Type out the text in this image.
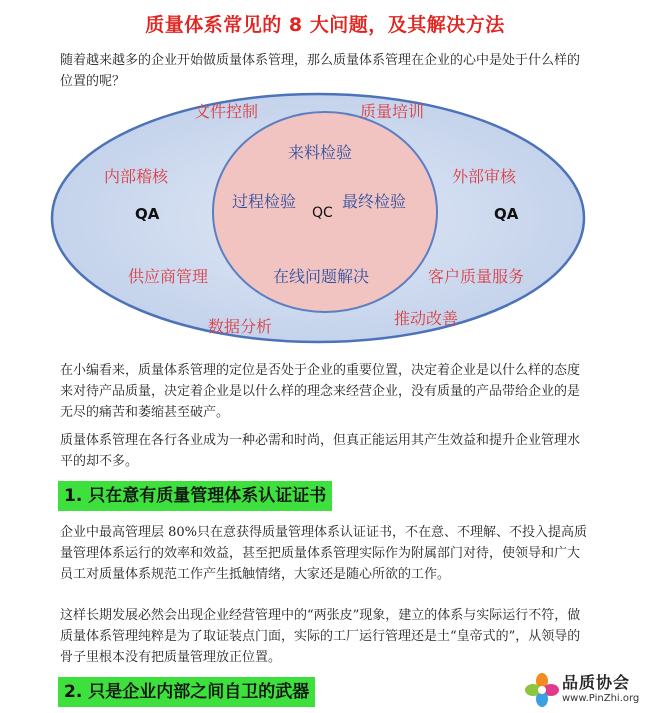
质量体系常见的 8 大问题，及其解决方法

随着越来越多的企业开始做质量体系管理，那么质量体系管理在企业的心中是处于什么样的位置的呢？

文件控制	质量培训
内部稽核	外部审核
供应商管理	客户质量服务
数据分析	推动改善
QA	QA
来料检验
过程检验	最终检验
在线问题解决
QC

在小编看来，质量体系管理的定位是否处于企业的重要位置，决定着企业是以什么样的态度来对待产品质量，决定着企业是以什么样的理念来经营企业，没有质量的产品带给企业的是无尽的痛苦和萎缩甚至破产。

质量体系管理在各行各业成为一种必需和时尚，但真正能运用其产生效益和提升企业管理水平的却不多。

1. 只在意有质量管理体系认证证书

企业中最高管理层 80%只在意获得质量管理体系认证证书，不在意、不理解、不投入提高质量管理体系运行的效率和效益，甚至把质量体系管理实际作为附属部门对待，使领导和广大员工对质量体系规范工作产生抵触情绪，大家还是随心所欲的工作。

这样长期发展必然会出现企业经营管理中的“两张皮”现象，建立的体系与实际运行不符，做质量体系管理纯粹是为了取证装点门面，实际的工厂运行管理还是土“皇帝式的”，从领导的骨子里根本没有把质量管理放正位置。

2. 只是企业内部之间自卫的武器	品质协会
www.PinZhi.org
